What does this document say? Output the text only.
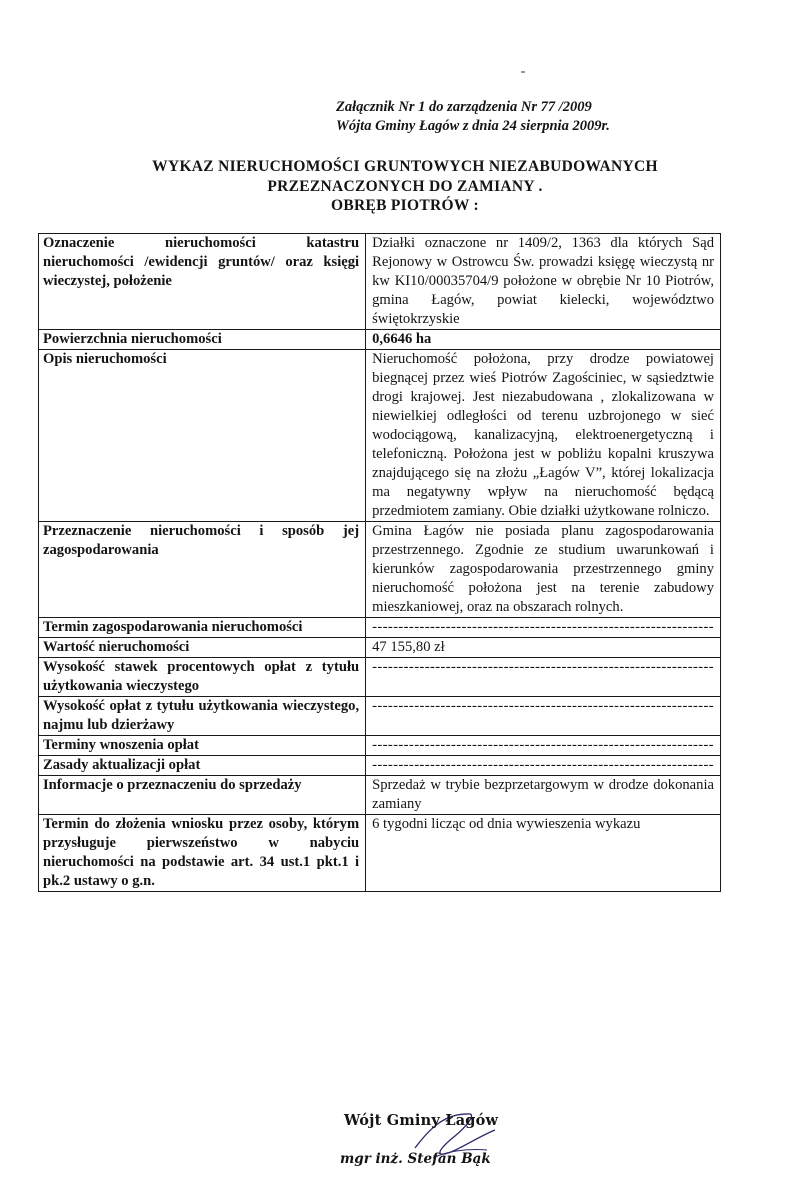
Załącznik Nr 1 do zarządzenia Nr 77 /2009
Wójta Gminy Łagów z dnia 24 sierpnia 2009r.
WYKAZ NIERUCHOMOŚCI GRUNTOWYCH NIEZABUDOWANYCH
PRZEZNACZONYCH DO ZAMIANY .
OBRĘB PIOTRÓW :
Oznaczenie nieruchomości katastru nieruchomości /ewidencji gruntów/ oraz księgi wieczystej, położenie	Działki oznaczone nr 1409/2, 1363 dla których Sąd Rejonowy w Ostrowcu Św. prowadzi księgę wieczystą nr kw KI10/00035704/9 położone w obrębie Nr 10 Piotrów, gmina Łagów, powiat kielecki, województwo świętokrzyskie
Powierzchnia nieruchomości	0,6646 ha
Opis nieruchomości	Nieruchomość położona, przy drodze powiatowej biegnącej przez wieś Piotrów Zagościniec, w sąsiedztwie drogi krajowej. Jest niezabudowana , zlokalizowana w niewielkiej odległości od terenu uzbrojonego w sieć wodociągową, kanalizacyjną, elektroenergetyczną i telefoniczną. Położona jest w pobliżu kopalni kruszywa znajdującego się na złożu „Łagów V”, której lokalizacja ma negatywny wpływ na nieruchomość będącą przedmiotem zamiany. Obie działki użytkowane rolniczo.
Przeznaczenie nieruchomości i sposób jej zagospodarowania	Gmina Łagów nie posiada planu zagospodarowania przestrzennego. Zgodnie ze studium uwarunkowań i kierunków zagospodarowania przestrzennego gminy nieruchomość położona jest na terenie zabudowy mieszkaniowej, oraz na obszarach rolnych.
Termin zagospodarowania nieruchomości	-----------------------------------------------------------------

Wartość nieruchomości	47 155,80 zł
Wysokość stawek procentowych opłat z tytułu użytkowania wieczystego	-----------------------------------------------------------------

Wysokość opłat z tytułu użytkowania wieczystego, najmu lub dzierżawy	-----------------------------------------------------------------

Terminy wnoszenia opłat	-----------------------------------------------------------------

Zasady aktualizacji opłat	-----------------------------------------------------------------

Informacje o przeznaczeniu do sprzedaży	Sprzedaż w trybie bezprzetargowym w drodze dokonania zamiany
Termin do złożenia wniosku przez osoby, którym przysługuje pierwszeństwo w nabyciu nieruchomości na podstawie art. 34 ust.1 pkt.1 i pk.2 ustawy o g.n.	6 tygodni licząc od dnia wywieszenia wykazu
Wójt Gminy Łagów
mgr inż. Stefan Bąk
